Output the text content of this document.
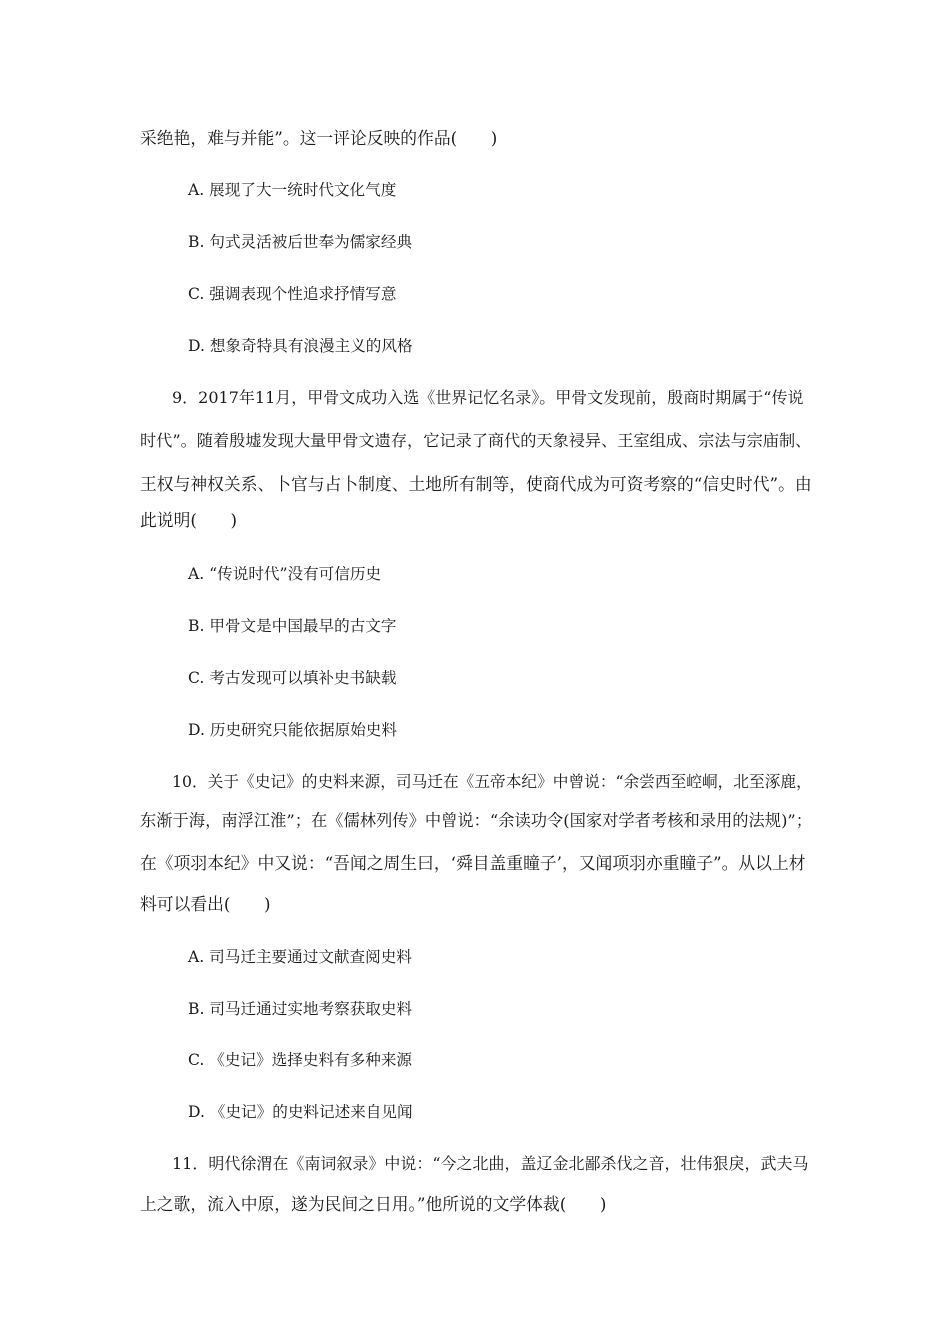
采绝艳，难与并能”。这一评论反映的作品(　　)
A. 展现了大一统时代文化气度
B. 句式灵活被后世奉为儒家经典
C. 强调表现个性追求抒情写意
D. 想象奇特具有浪漫主义的风格
9．2017年11月，甲骨文成功入选《世界记忆名录》。甲骨文发现前，殷商时期属于“传说
时代”。随着殷墟发现大量甲骨文遗存，它记录了商代的天象祲异、王室组成、宗法与宗庙制、
王权与神权关系、卜官与占卜制度、土地所有制等，使商代成为可资考察的“信史时代”。由
此说明(　　)
A. “传说时代”没有可信历史
B. 甲骨文是中国最早的古文字
C. 考古发现可以填补史书缺载
D. 历史研究只能依据原始史料
10．关于《史记》的史料来源，司马迁在《五帝本纪》中曾说：“余尝西至崆峒，北至涿鹿，
东渐于海，南浮江淮”；在《儒林列传》中曾说：“余读功令(国家对学者考核和录用的法规)”；
在《项羽本纪》中又说：“吾闻之周生曰，‘舜目盖重瞳子’，又闻项羽亦重瞳子”。从以上材
料可以看出(　　)
A. 司马迁主要通过文献查阅史料
B. 司马迁通过实地考察获取史料
C. 《史记》选择史料有多种来源
D. 《史记》的史料记述来自见闻
11．明代徐渭在《南词叙录》中说：“今之北曲，盖辽金北鄙杀伐之音，壮伟狠戾，武夫马
上之歌，流入中原，遂为民间之日用。”他所说的文学体裁(　　)
